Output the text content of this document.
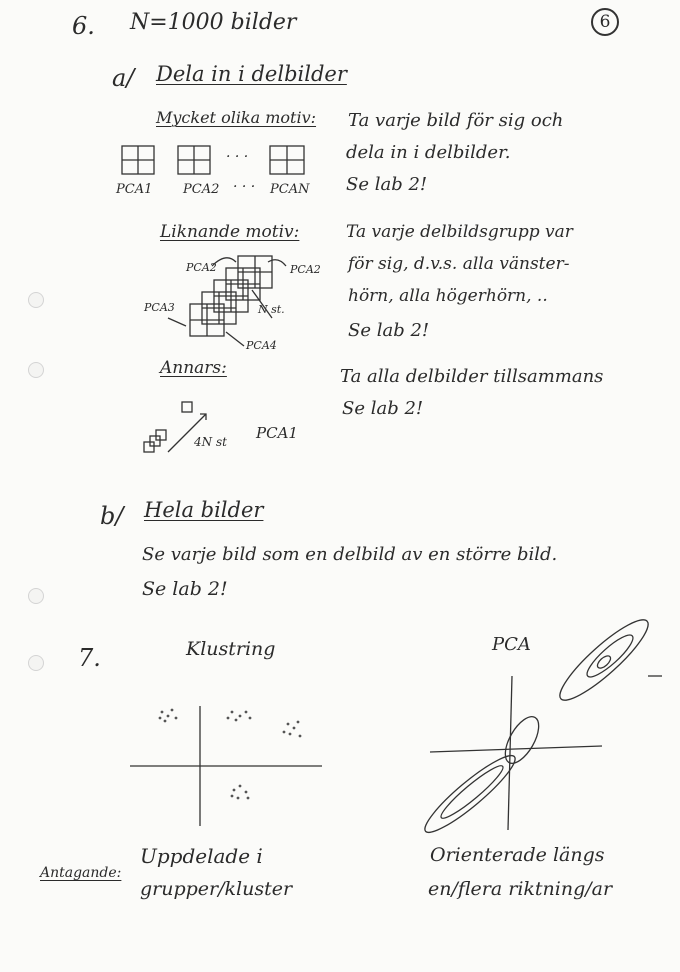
6
6. N=1000 bilder
a/ Dela in i delbilder
Mycket olika motiv: Ta varje bild för sig och
dela in i delbilder.
Se lab 2!
PCA1 PCA2 · · · PCAN
· · ·
Liknande motiv:	Ta varje delbildsgrupp var
för sig, d.v.s. alla vänster-
hörn, alla högerhörn, ..
Se lab 2!
PCA2	PCA2
PCA3
PCA4
N st.
Annars:	Ta alla delbilder tillsammans
Se lab 2!
4N st PCA1
b/ Hela bilder
Se varje bild som en delbild av en större bild.
Se lab 2!
7.	Klustring	PCA
Antagande:
Uppdelade i
grupper/kluster
Orienterade längs
en/flera riktning/ar
